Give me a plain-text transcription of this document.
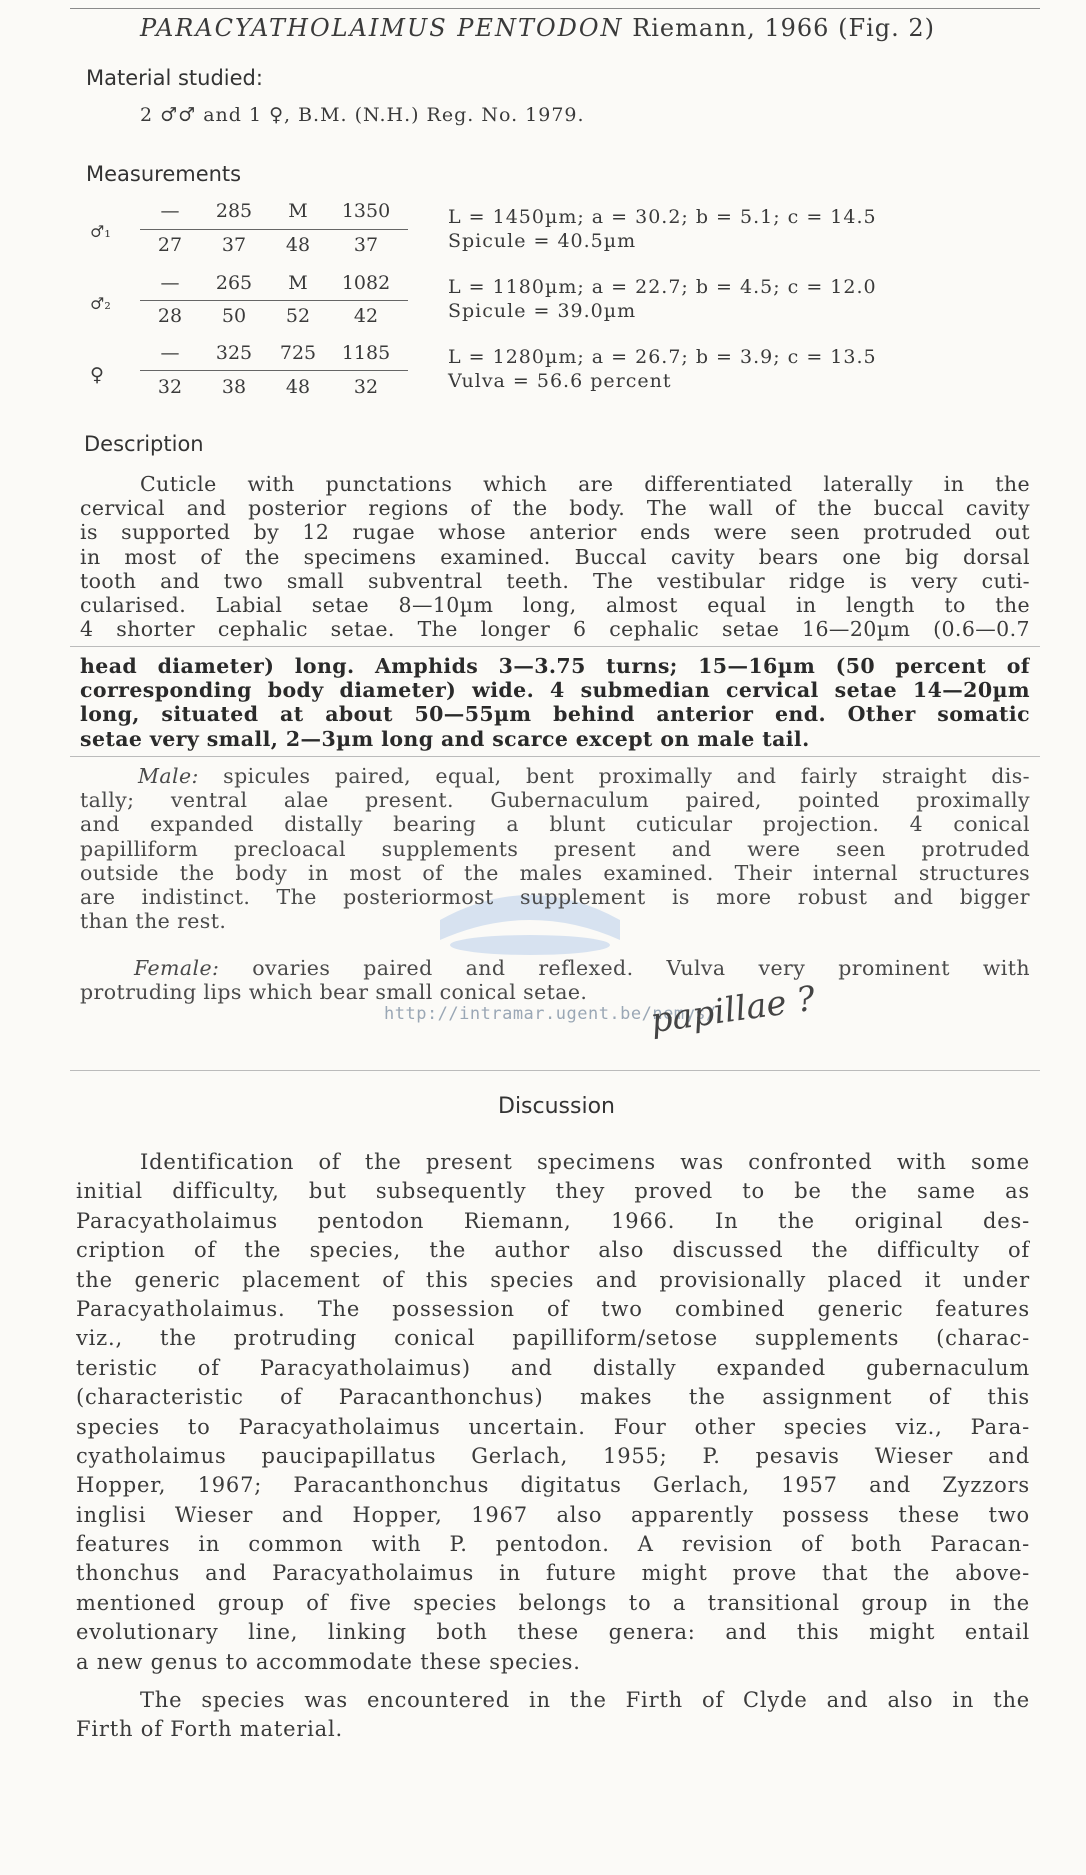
PARACYATHOLAIMUS PENTODON Riemann, 1966 (Fig. 2)
Material studied:
2 ♂♂ and 1 ♀, B.M. (N.H.) Reg. No. 1979.
Measurements
♂₁
—	285	M	1350
27	37	48	37
L = 1450µm; a = 30.2; b = 5.1; c = 14.5
Spicule = 40.5µm
♂₂
—	265	M	1082
28	50	52	42
L = 1180µm; a = 22.7; b = 4.5; c = 12.0
Spicule = 39.0µm
♀
—	325	725	1185
32	38	48	32
L = 1280µm; a = 26.7; b = 3.9; c = 13.5
Vulva = 56.6 percent
Description
Cuticle with punctations which are differentiated laterally in the
cervical and posterior regions of the body. The wall of the buccal cavity
is supported by 12 rugae whose anterior ends were seen protruded out
in most of the specimens examined. Buccal cavity bears one big dorsal
tooth and two small subventral teeth. The vestibular ridge is very cuti-
cularised. Labial setae 8—10µm long, almost equal in length to the
4 shorter cephalic setae. The longer 6 cephalic setae 16—20µm (0.6—0.7
head diameter) long. Amphids 3—3.75 turns; 15—16µm (50 percent of
corresponding body diameter) wide. 4 submedian cervical setae 14—20µm
long, situated at about 50—55µm behind anterior end. Other somatic
setae very small, 2—3µm long and scarce except on male tail.
Male: spicules paired, equal, bent proximally and fairly straight dis-
tally; ventral alae present. Gubernaculum paired, pointed proximally
and expanded distally bearing a blunt cuticular projection. 4 conical
papilliform precloacal supplements present and were seen protruded
outside the body in most of the males examined. Their internal structures
are indistinct. The posteriormost supplement is more robust and bigger
than the rest.
Female: ovaries paired and reflexed. Vulva very prominent with
protruding lips which bear small conical setae.
http://intramar.ugent.be/nemys/
papillae ?
Discussion
Identification of the present specimens was confronted with some
initial difficulty, but subsequently they proved to be the same as
Paracyatholaimus pentodon Riemann, 1966. In the original des-
cription of the species, the author also discussed the difficulty of
the generic placement of this species and provisionally placed it under
Paracyatholaimus. The possession of two combined generic features
viz., the protruding conical papilliform/setose supplements (charac-
teristic of Paracyatholaimus) and distally expanded gubernaculum
(characteristic of Paracanthonchus) makes the assignment of this
species to Paracyatholaimus uncertain. Four other species viz., Para-
cyatholaimus paucipapillatus Gerlach, 1955; P. pesavis Wieser and
Hopper, 1967; Paracanthonchus digitatus Gerlach, 1957 and Zyzzors
inglisi Wieser and Hopper, 1967 also apparently possess these two
features in common with P. pentodon. A revision of both Paracan-
thonchus and Paracyatholaimus in future might prove that the above-
mentioned group of five species belongs to a transitional group in the
evolutionary line, linking both these genera: and this might entail
a new genus to accommodate these species.
The species was encountered in the Firth of Clyde and also in the
Firth of Forth material.
